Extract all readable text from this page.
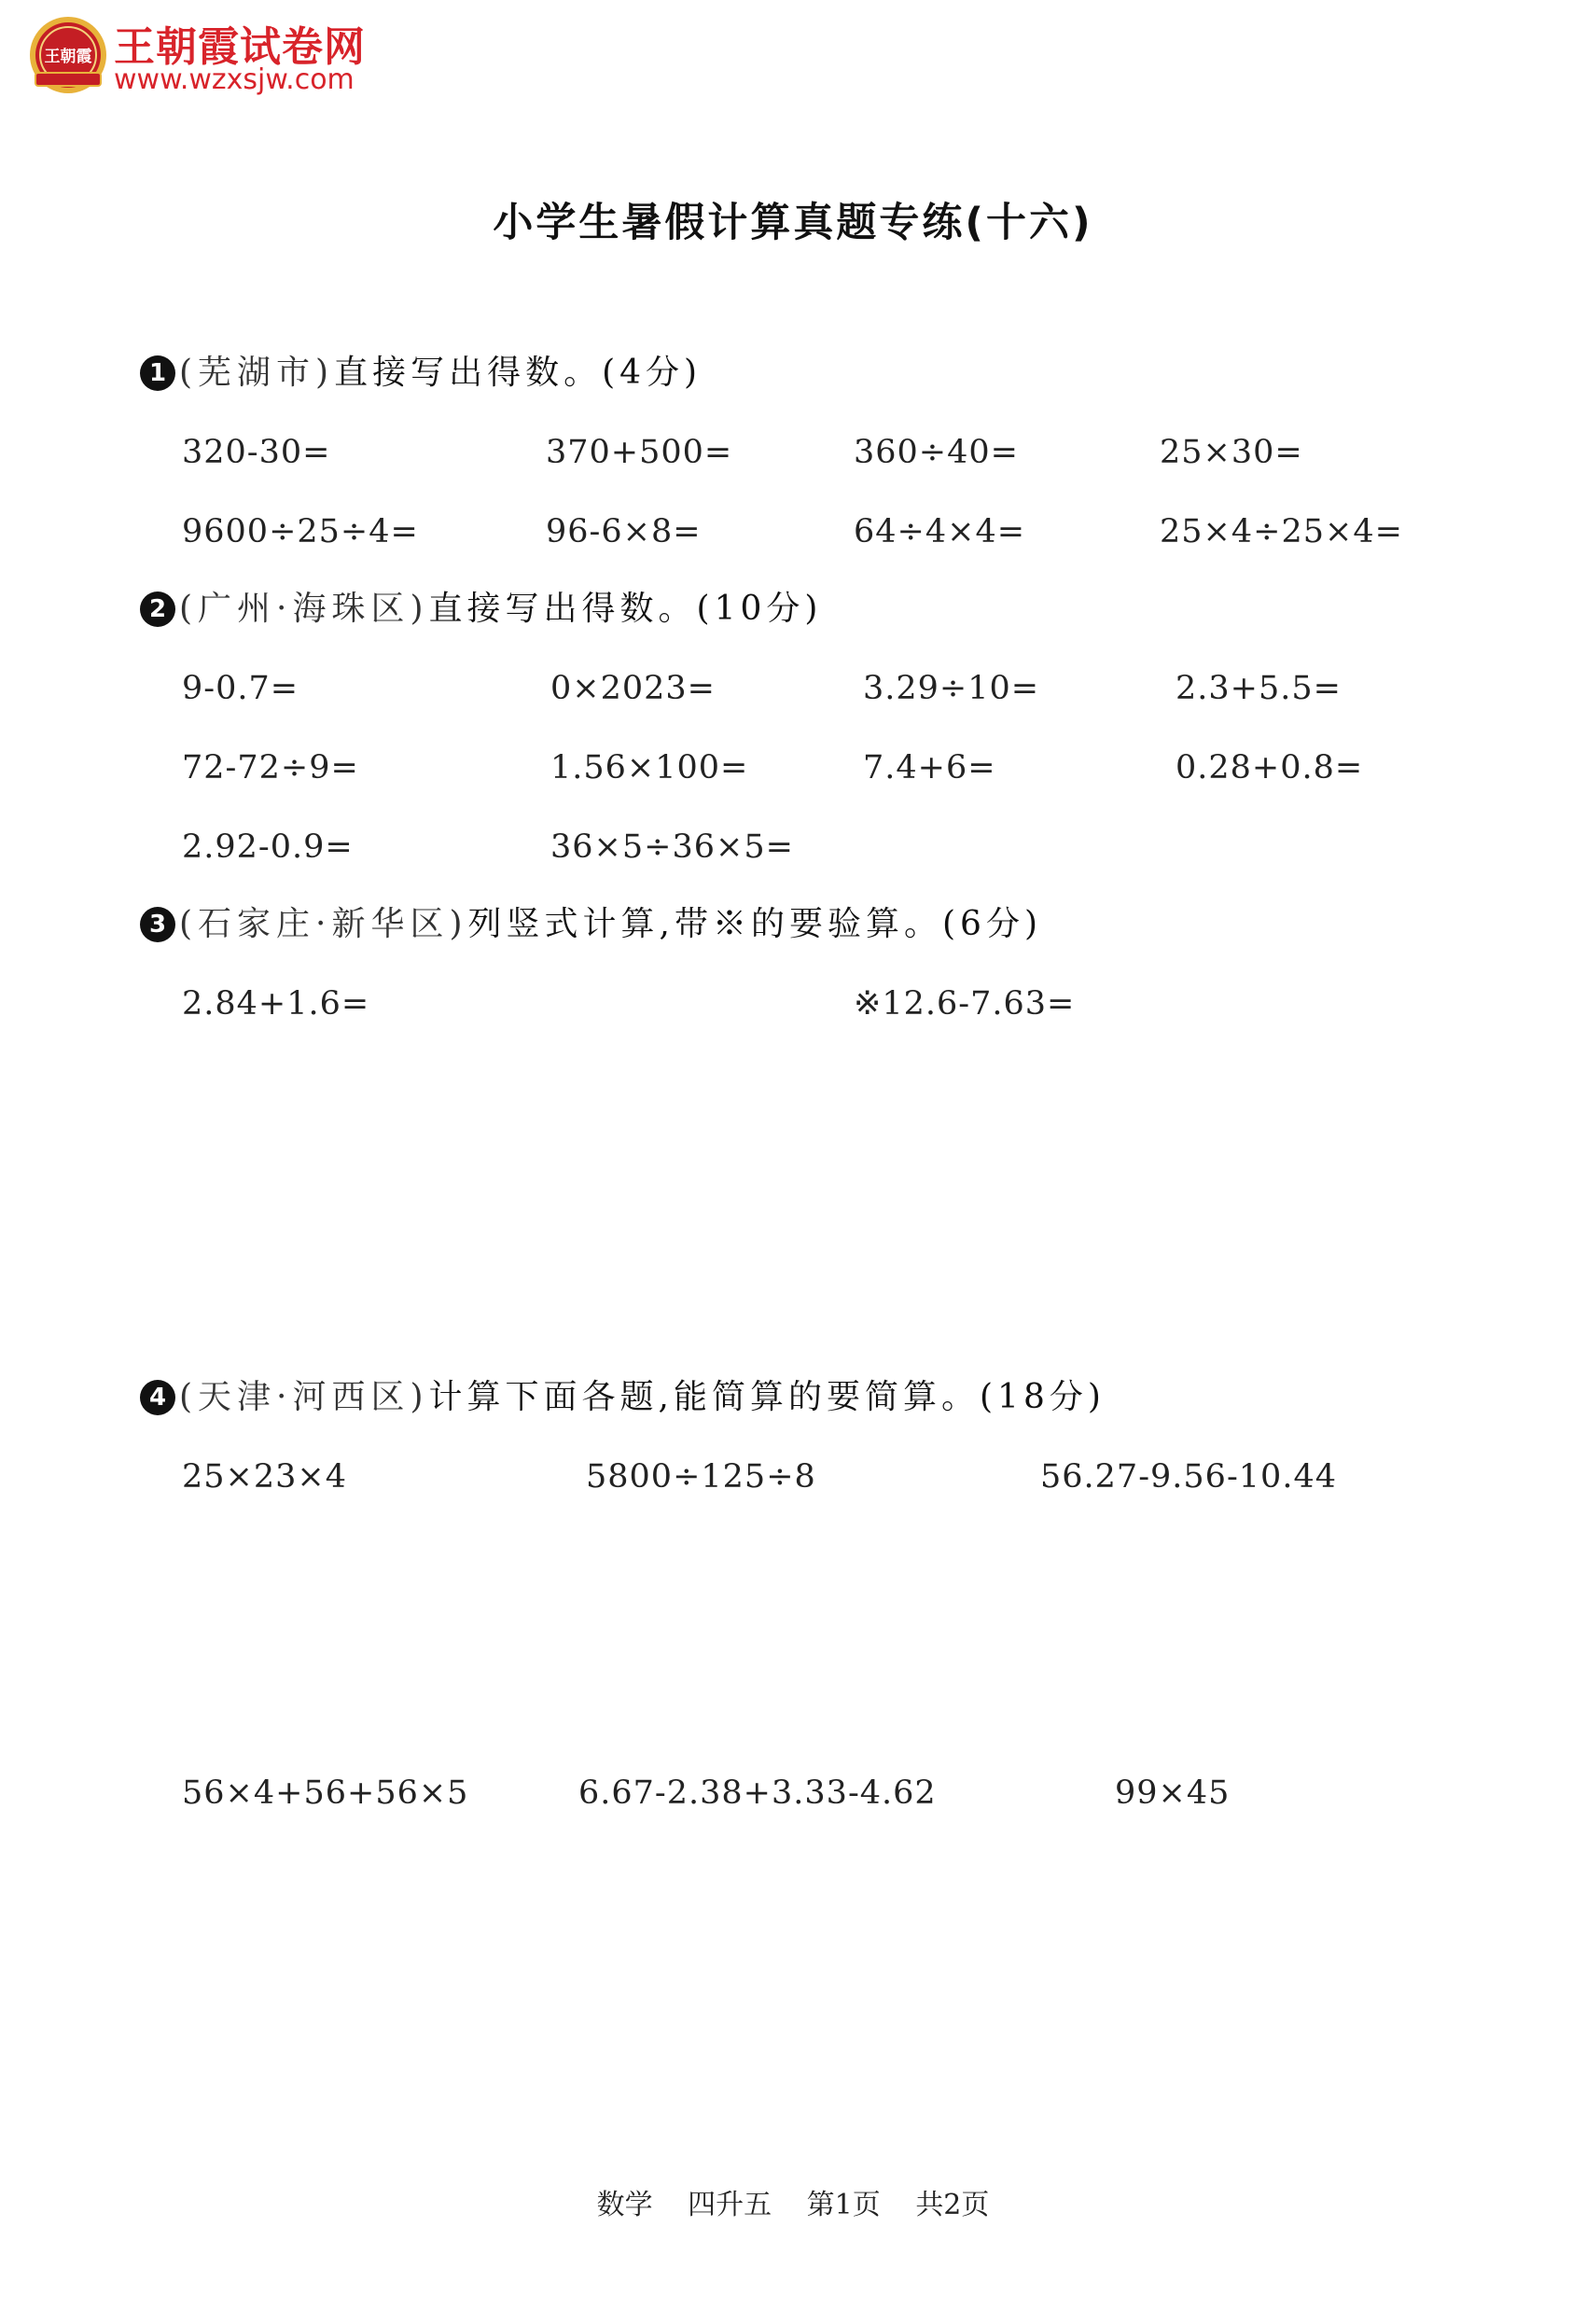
王朝霞 王朝霞试卷网
www.wzxsjw.com
小学生暑假计算真题专练(十六)
1 (芜湖市)直接写出得数。(4分)
320-30=	370+500=	360÷40=	25×30=
9600÷25÷4=	96-6×8=	64÷4×4=	25×4÷25×4=
2 (广州·海珠区)直接写出得数。(10分)
9-0.7=	0×2023=	3.29÷10=	2.3+5.5=
72-72÷9=	1.56×100=	7.4+6=	0.28+0.8=
2.92-0.9=	36×5÷36×5=
3 (石家庄·新华区)列竖式计算,带※的要验算。(6分)
2.84+1.6=	※12.6-7.63=
4 (天津·河西区)计算下面各题,能简算的要简算。(18分)
25×23×4	5800÷125÷8	56.27-9.56-10.44
56×4+56+56×5	6.67-2.38+3.33-4.62	99×45
数学 四升五 第1页 共2页
